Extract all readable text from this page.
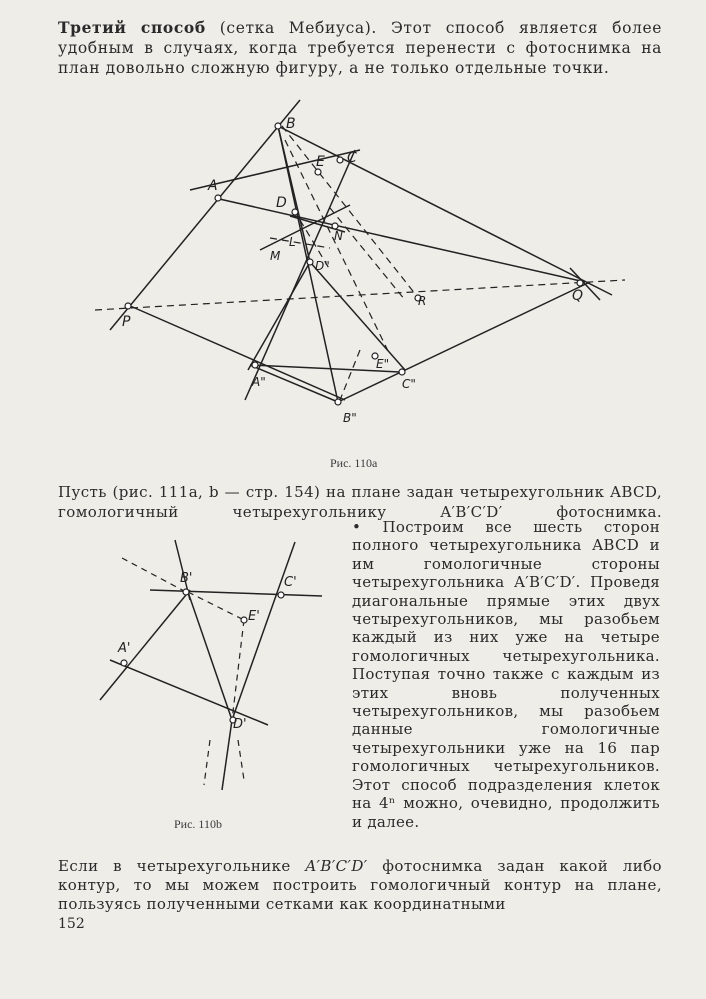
Третий способ (сетка Мебиуса). Этот способ является более удобным в случаях, когда требуется перенести с фотоснимка на план довольно сложную фигуру, а не только отдельные точки.
B
A
C
E
D
L
M
N
D"
R
P
Q
A"
B"
C"
E"
Рис. 110а
Пусть (рис. 111а, b — стр. 154) на плане задан четырехугольник ABCD, гомологичный четырехугольнику A′B′C′D′ фотоснимка.
B'	C'
A'
D'
E'
Рис. 110b
• Построим все шесть сторон полного четырехугольника ABCD и им гомологичные стороны четырехугольника A′B′C′D′. Проведя диагональные прямые этих двух четырехугольников, мы разобьем каждый из них уже на четыре гомологичных четырехугольника. Поступая точно также с каждым из этих вновь полученных четырехугольников, мы разобьем данные гомологичные четырехугольники уже на 16 пар гомологичных четырехугольников. Этот способ подразделения клеток на 4ⁿ можно, очевидно, продолжить и далее.
Если в четырехугольнике A′B′C′D′ фотоснимка задан какой либо контур, то мы можем построить гомологичный контур на плане, пользуясь полученными сетками как координатными
152
